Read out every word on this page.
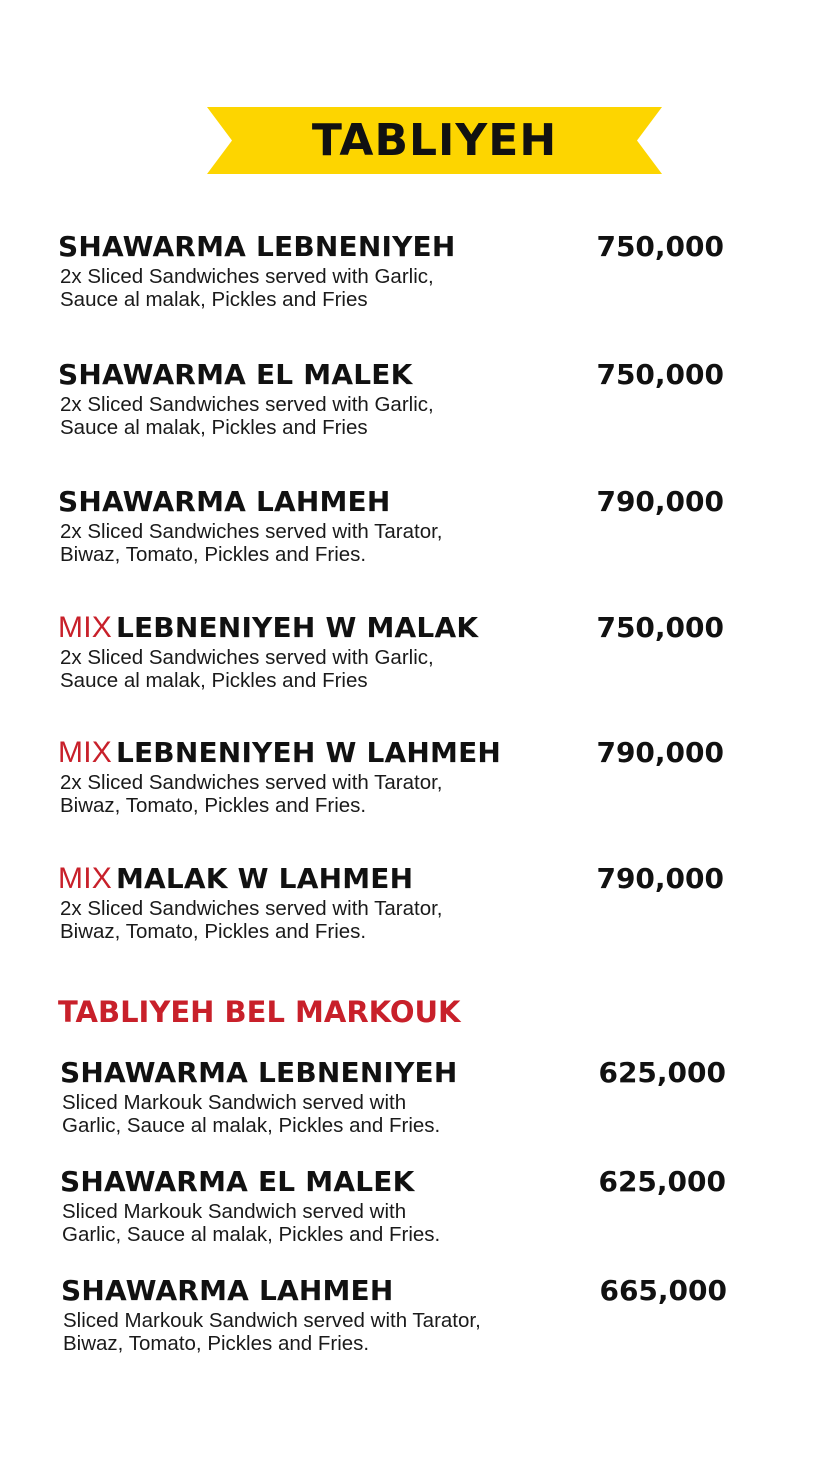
TABLIYEH
SHAWARMA LEBNENIYEH	750,000
2x Sliced Sandwiches served with Garlic,
Sauce al malak, Pickles and Fries
SHAWARMA EL MALEK	750,000
2x Sliced Sandwiches served with Garlic,
Sauce al malak, Pickles and Fries
SHAWARMA LAHMEH	790,000
2x Sliced Sandwiches served with Tarator,
Biwaz, Tomato, Pickles and Fries.
MIX LEBNENIYEH W MALAK	750,000
2x Sliced Sandwiches served with Garlic,
Sauce al malak, Pickles and Fries
MIX LEBNENIYEH W LAHMEH	790,000
2x Sliced Sandwiches served with Tarator,
Biwaz, Tomato, Pickles and Fries.
MIX MALAK W LAHMEH	790,000
2x Sliced Sandwiches served with Tarator,
Biwaz, Tomato, Pickles and Fries.
TABLIYEH BEL MARKOUK
SHAWARMA LEBNENIYEH	625,000
Sliced Markouk Sandwich served with
Garlic, Sauce al malak, Pickles and Fries.
SHAWARMA EL MALEK	625,000
Sliced Markouk Sandwich served with
Garlic, Sauce al malak, Pickles and Fries.
SHAWARMA LAHMEH	665,000
Sliced Markouk Sandwich served with Tarator,
Biwaz, Tomato, Pickles and Fries.
